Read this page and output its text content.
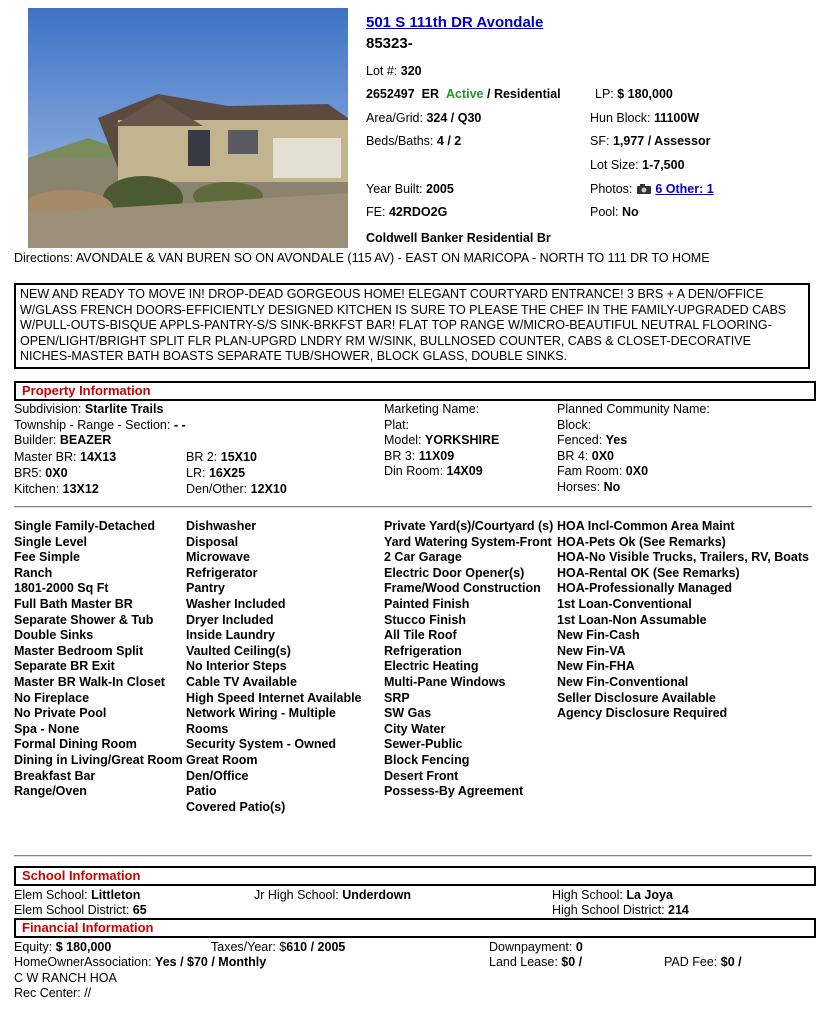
501 S 111th DR Avondale
85323-
Lot #: 320
2652497 ER Active / Residential	LP: $ 180,000
Area/Grid: 324 / Q30	Hun Block: 11100W
Beds/Baths: 4 / 2	SF: 1,977 / Assessor
Lot Size: 1-7,500
Year Built: 2005	Photos: 6 Other: 1
FE: 42RDO2G	Pool: No
Coldwell Banker Residential Br
Directions: AVONDALE & VAN BUREN SO ON AVONDALE (115 AV) - EAST ON MARICOPA - NORTH TO 111 DR TO HOME
NEW AND READY TO MOVE IN! DROP-DEAD GORGEOUS HOME! ELEGANT COURTYARD ENTRANCE! 3 BRS + A DEN/OFFICE W/GLASS FRENCH DOORS-EFFICIENTLY DESIGNED KITCHEN IS SURE TO PLEASE THE CHEF IN THE FAMILY-UPGRADED CABS W/PULL-OUTS-BISQUE APPLS-PANTRY-S/S SINK-BRKFST BAR! FLAT TOP RANGE W/MICRO-BEAUTIFUL NEUTRAL FLOORING-OPEN/LIGHT/BRIGHT SPLIT FLR PLAN-UPGRD LNDRY RM W/SINK, BULLNOSED COUNTER, CABS & CLOSET-DECORATIVE NICHES-MASTER BATH BOASTS SEPARATE TUB/SHOWER, BLOCK GLASS, DOUBLE SINKS.
Property Information
Subdivision: Starlite Trails
Township - Range - Section: - -
Builder: BEAZER
Master BR: 14X13	BR 2: 15X10
BR5: 0X0	LR: 16X25
Kitchen: 13X12	Den/Other: 12X10
Marketing Name:
Plat:
Model: YORKSHIRE
BR 3: 11X09
Din Room: 14X09
Planned Community Name:
Block:
Fenced: Yes
BR 4: 0X0
Fam Room: 0X0
Horses: No
Single Family-Detached
Single Level
Fee Simple
Ranch
1801-2000 Sq Ft
Full Bath Master BR
Separate Shower & Tub
Double Sinks
Master Bedroom Split
Separate BR Exit
Master BR Walk-In Closet
No Fireplace
No Private Pool
Spa - None
Formal Dining Room
Dining in Living/Great Room
Breakfast Bar
Range/Oven
Dishwasher
Disposal
Microwave
Refrigerator
Pantry
Washer Included
Dryer Included
Inside Laundry
Vaulted Ceiling(s)
No Interior Steps
Cable TV Available
High Speed Internet Available
Network Wiring - Multiple Rooms
Security System - Owned
Great Room
Den/Office
Patio
Covered Patio(s)
Private Yard(s)/Courtyard (s)
Yard Watering System-Front
2 Car Garage
Electric Door Opener(s)
Frame/Wood Construction
Painted Finish
Stucco Finish
All Tile Roof
Refrigeration
Electric Heating
Multi-Pane Windows
SRP
SW Gas
City Water
Sewer-Public
Block Fencing
Desert Front
Possess-By Agreement
HOA Incl-Common Area Maint
HOA-Pets Ok (See Remarks)
HOA-No Visible Trucks, Trailers, RV, Boats
HOA-Rental OK (See Remarks)
HOA-Professionally Managed
1st Loan-Conventional
1st Loan-Non Assumable
New Fin-Cash
New Fin-VA
New Fin-FHA
New Fin-Conventional
Seller Disclosure Available
Agency Disclosure Required
School Information
Elem School: Littleton	Jr High School: Underdown	High School: La Joya
Elem School District: 65	High School District: 214
Financial Information
Equity: $ 180,000	Taxes/Year: $610 / 2005	Downpayment: 0
HomeOwnerAssociation: Yes / $70 / Monthly	Land Lease: $0 /	PAD Fee: $0 /
C W RANCH HOA
Rec Center: //
